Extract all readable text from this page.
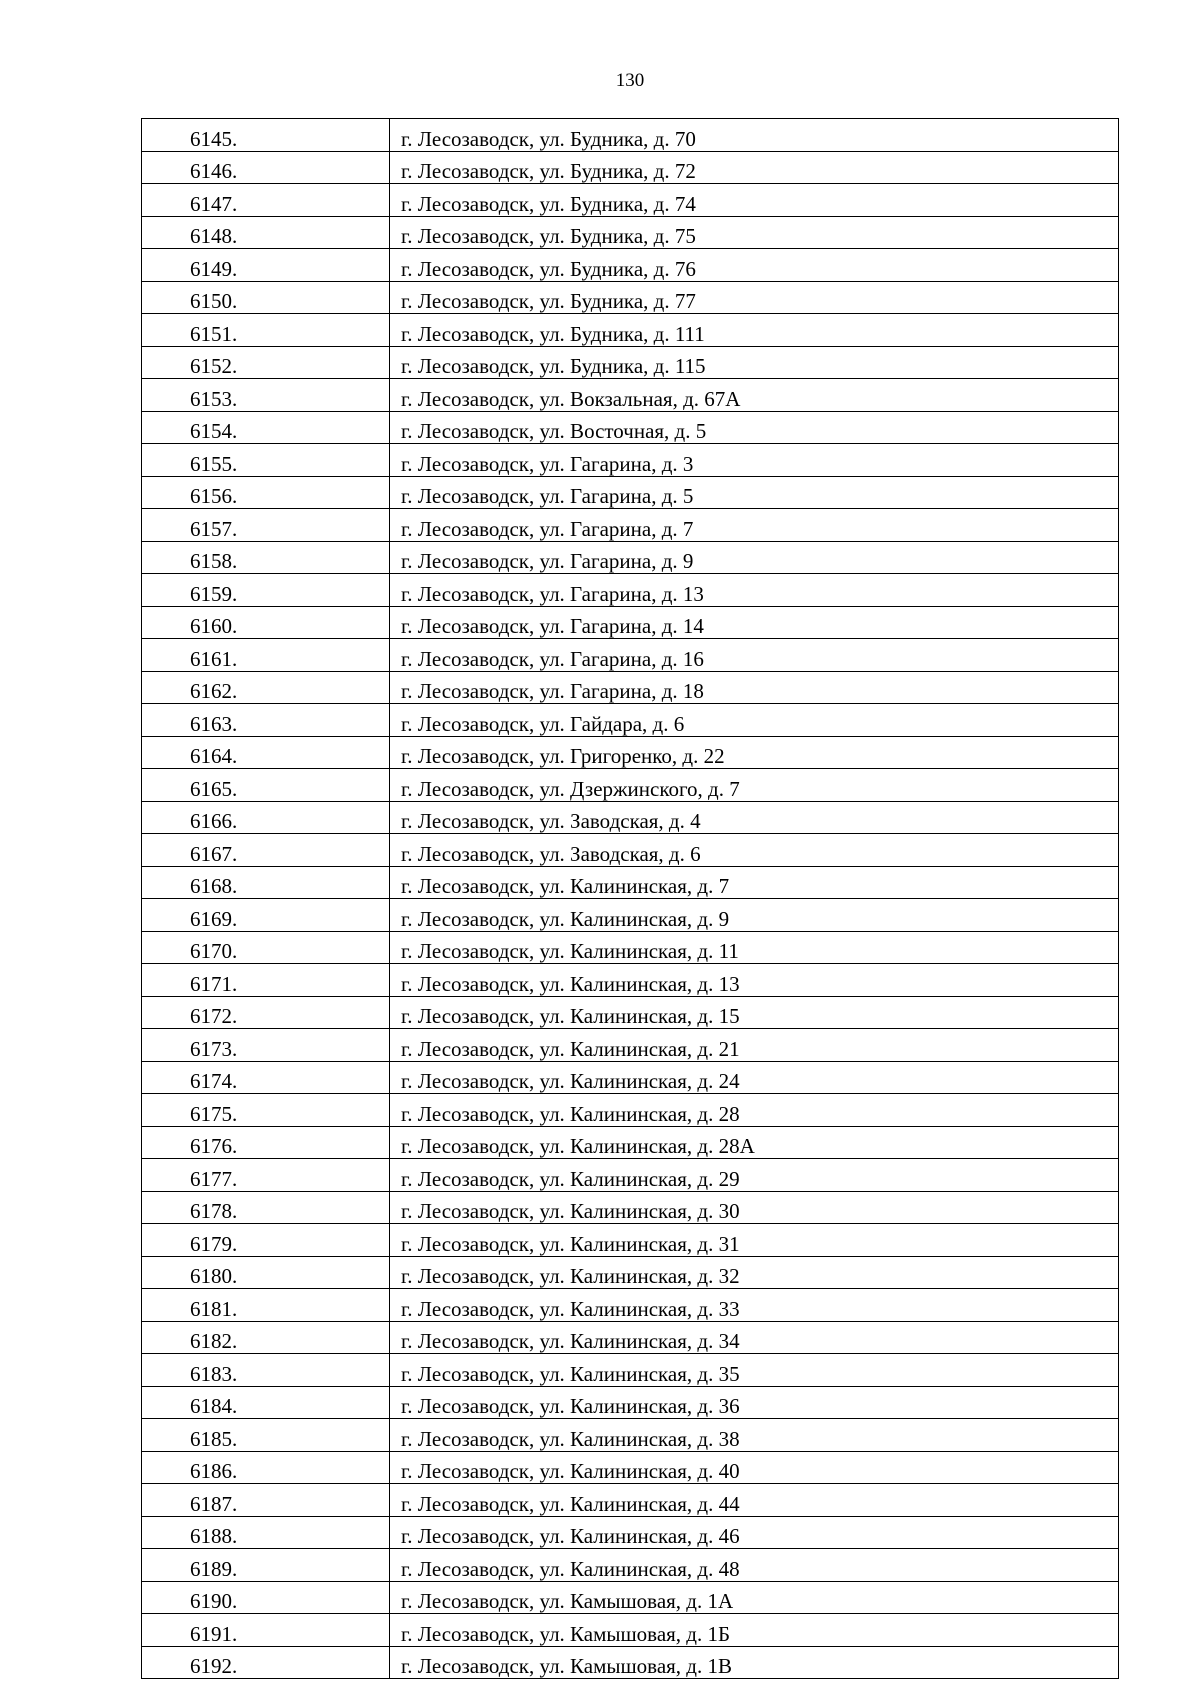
130
6145.	г. Лесозаводск, ул. Будника, д. 70
6146.	г. Лесозаводск, ул. Будника, д. 72
6147.	г. Лесозаводск, ул. Будника, д. 74
6148.	г. Лесозаводск, ул. Будника, д. 75
6149.	г. Лесозаводск, ул. Будника, д. 76
6150.	г. Лесозаводск, ул. Будника, д. 77
6151.	г. Лесозаводск, ул. Будника, д. 111
6152.	г. Лесозаводск, ул. Будника, д. 115
6153.	г. Лесозаводск, ул. Вокзальная, д. 67А
6154.	г. Лесозаводск, ул. Восточная, д. 5
6155.	г. Лесозаводск, ул. Гагарина, д. 3
6156.	г. Лесозаводск, ул. Гагарина, д. 5
6157.	г. Лесозаводск, ул. Гагарина, д. 7
6158.	г. Лесозаводск, ул. Гагарина, д. 9
6159.	г. Лесозаводск, ул. Гагарина, д. 13
6160.	г. Лесозаводск, ул. Гагарина, д. 14
6161.	г. Лесозаводск, ул. Гагарина, д. 16
6162.	г. Лесозаводск, ул. Гагарина, д. 18
6163.	г. Лесозаводск, ул. Гайдара, д. 6
6164.	г. Лесозаводск, ул. Григоренко, д. 22
6165.	г. Лесозаводск, ул. Дзержинского, д. 7
6166.	г. Лесозаводск, ул. Заводская, д. 4
6167.	г. Лесозаводск, ул. Заводская, д. 6
6168.	г. Лесозаводск, ул. Калининская, д. 7
6169.	г. Лесозаводск, ул. Калининская, д. 9
6170.	г. Лесозаводск, ул. Калининская, д. 11
6171.	г. Лесозаводск, ул. Калининская, д. 13
6172.	г. Лесозаводск, ул. Калининская, д. 15
6173.	г. Лесозаводск, ул. Калининская, д. 21
6174.	г. Лесозаводск, ул. Калининская, д. 24
6175.	г. Лесозаводск, ул. Калининская, д. 28
6176.	г. Лесозаводск, ул. Калининская, д. 28А
6177.	г. Лесозаводск, ул. Калининская, д. 29
6178.	г. Лесозаводск, ул. Калининская, д. 30
6179.	г. Лесозаводск, ул. Калининская, д. 31
6180.	г. Лесозаводск, ул. Калининская, д. 32
6181.	г. Лесозаводск, ул. Калининская, д. 33
6182.	г. Лесозаводск, ул. Калининская, д. 34
6183.	г. Лесозаводск, ул. Калининская, д. 35
6184.	г. Лесозаводск, ул. Калининская, д. 36
6185.	г. Лесозаводск, ул. Калининская, д. 38
6186.	г. Лесозаводск, ул. Калининская, д. 40
6187.	г. Лесозаводск, ул. Калининская, д. 44
6188.	г. Лесозаводск, ул. Калининская, д. 46
6189.	г. Лесозаводск, ул. Калининская, д. 48
6190.	г. Лесозаводск, ул. Камышовая, д. 1А
6191.	г. Лесозаводск, ул. Камышовая, д. 1Б
6192.	г. Лесозаводск, ул. Камышовая, д. 1В
